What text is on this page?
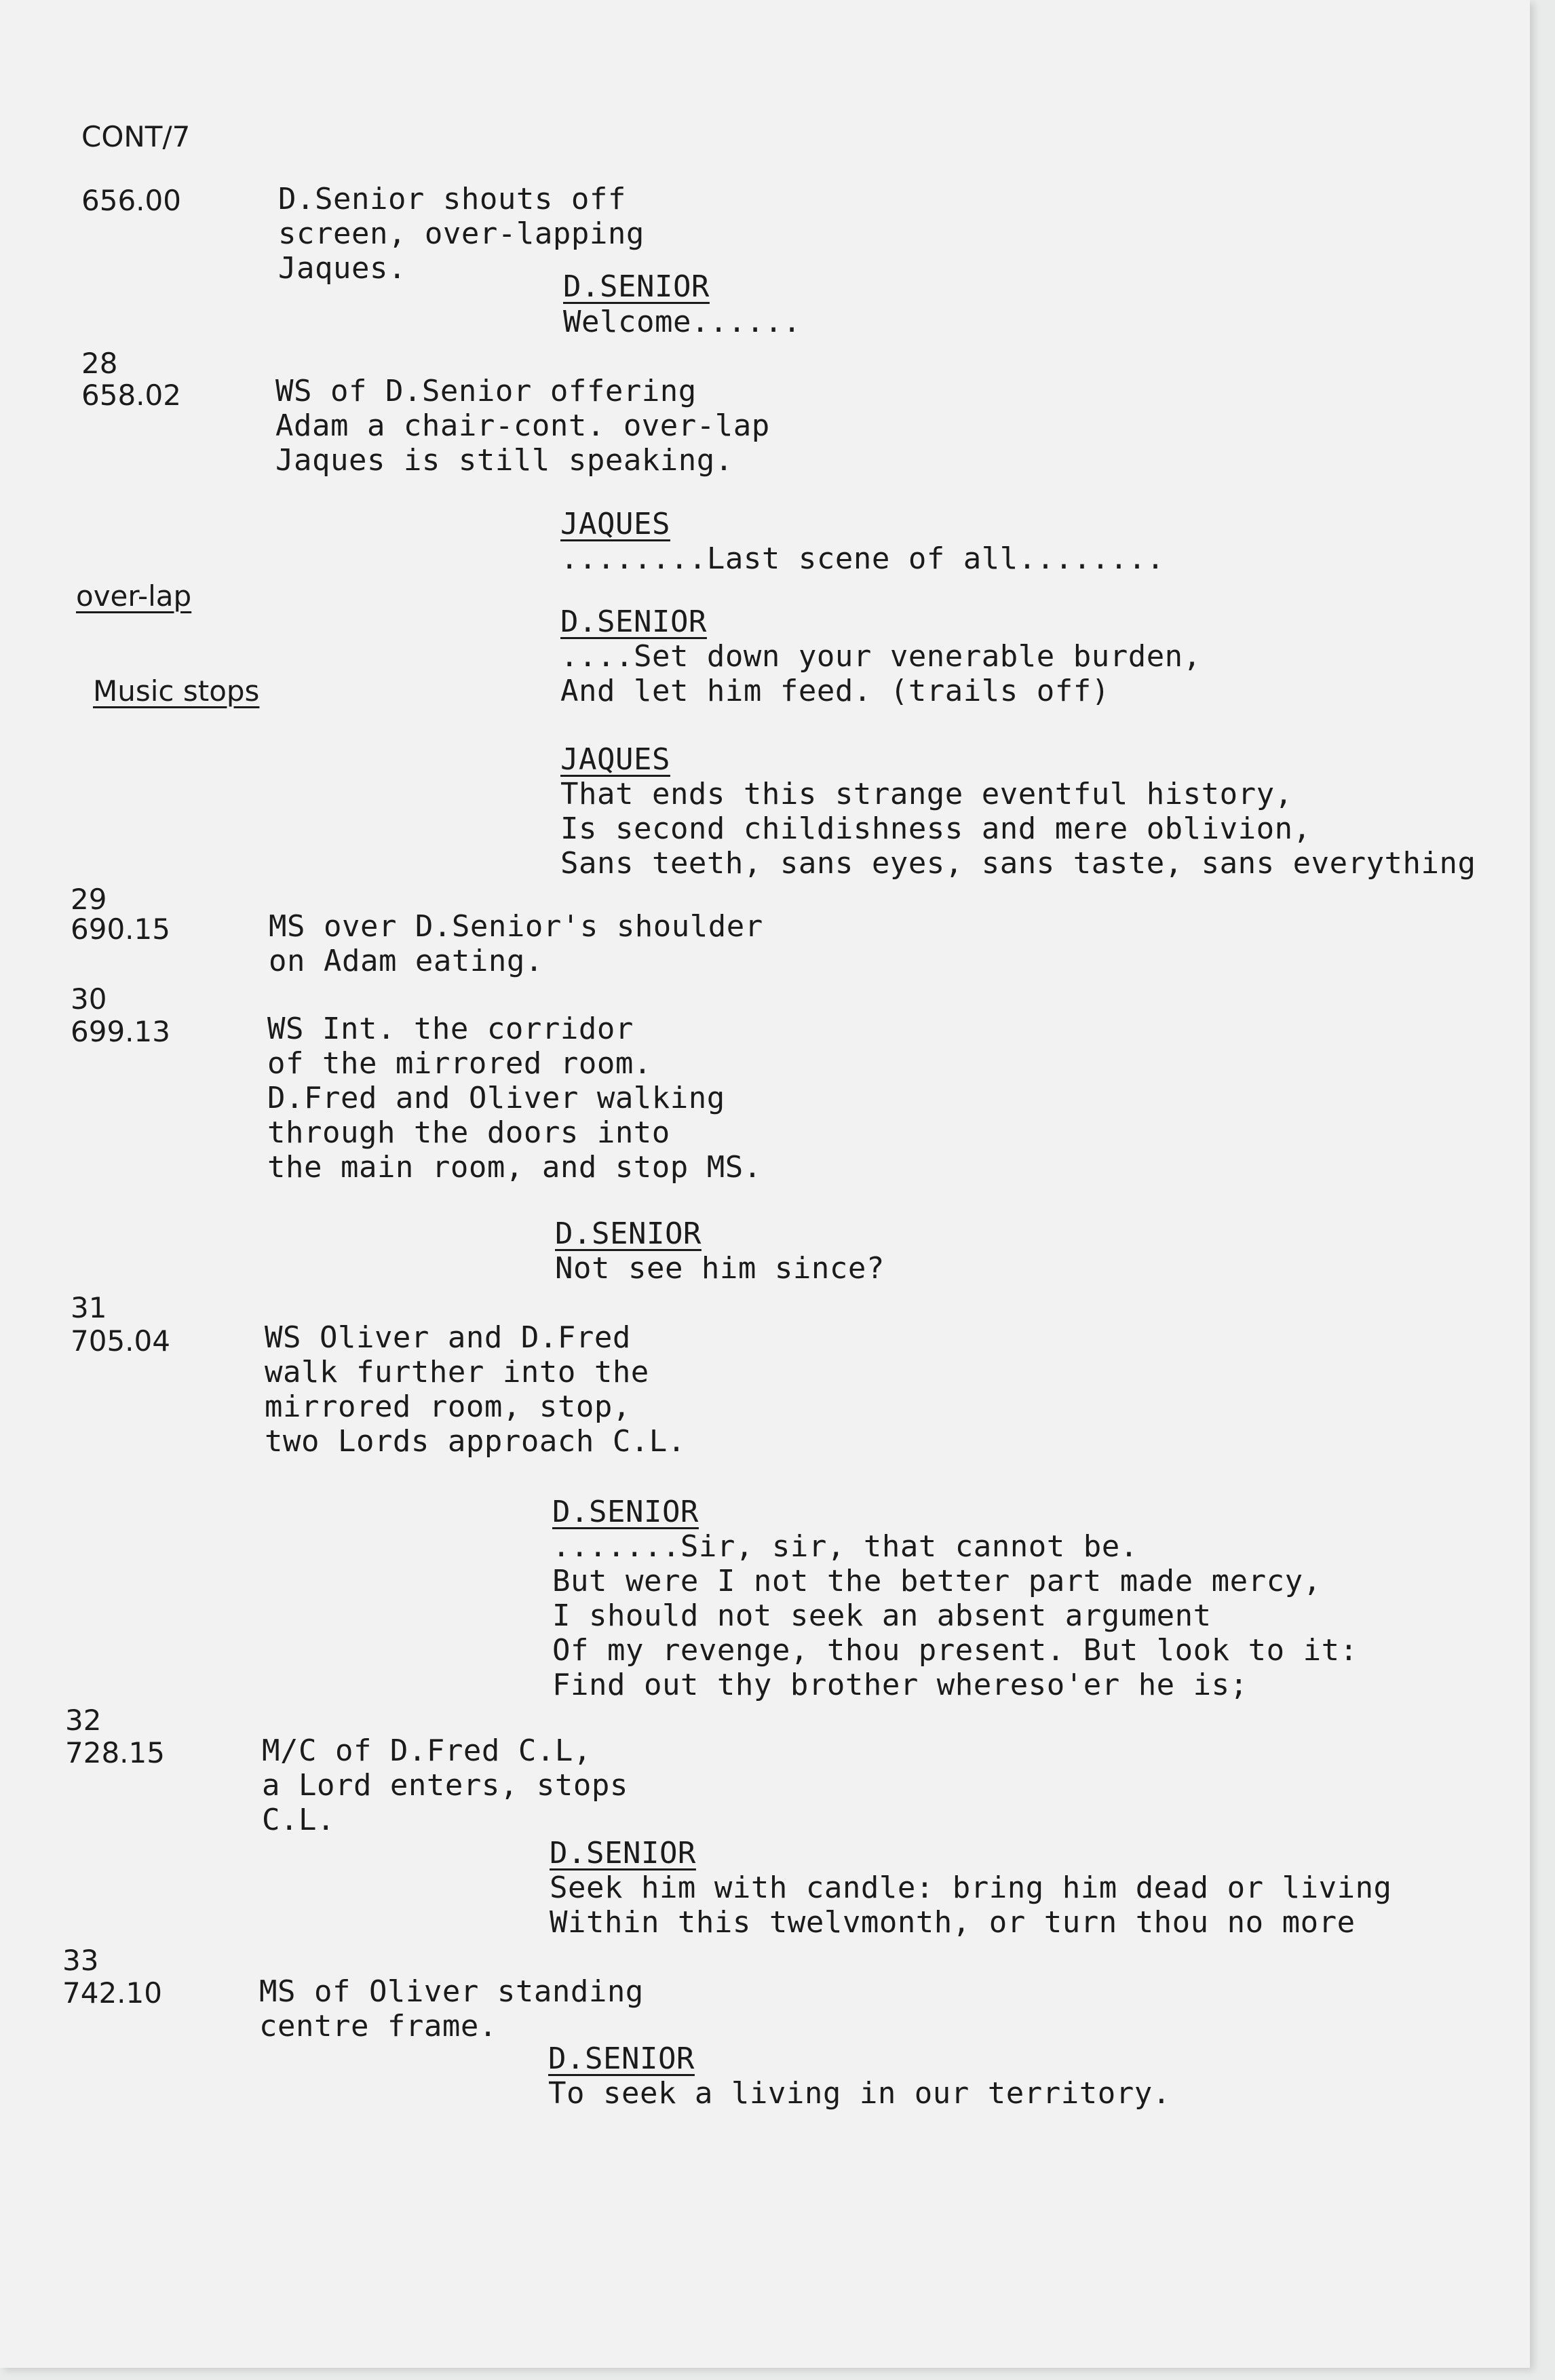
CONT/7
656.00	D.Senior shouts off
screen, over-lapping
Jaques.
D.SENIOR
Welcome......
28
658.02	WS of D.Senior offering
Adam a chair-cont. over-lap
Jaques is still speaking.
JAQUES
........Last scene of all........
over-lap
D.SENIOR
....Set down your venerable burden,
And let him feed. (trails off)
Music stops
JAQUES
That ends this strange eventful history,
Is second childishness and mere oblivion,
Sans teeth, sans eyes, sans taste, sans everything
29
690.15	MS over D.Senior's shoulder
on Adam eating.
30
699.13	WS Int. the corridor
of the mirrored room.
D.Fred and Oliver walking
through the doors into
the main room, and stop MS.
D.SENIOR
Not see him since?
31
705.04	WS Oliver and D.Fred
walk further into the
mirrored room, stop,
two Lords approach C.L.
D.SENIOR
.......Sir, sir, that cannot be.
But were I not the better part made mercy,
I should not seek an absent argument
Of my revenge, thou present. But look to it:
Find out thy brother whereso'er he is;
32
728.15	M/C of D.Fred C.L,
a Lord enters, stops
C.L.
D.SENIOR
Seek him with candle: bring him dead or living
Within this twelvmonth, or turn thou no more
33
742.10	MS of Oliver standing
centre frame.
D.SENIOR
To seek a living in our territory.
